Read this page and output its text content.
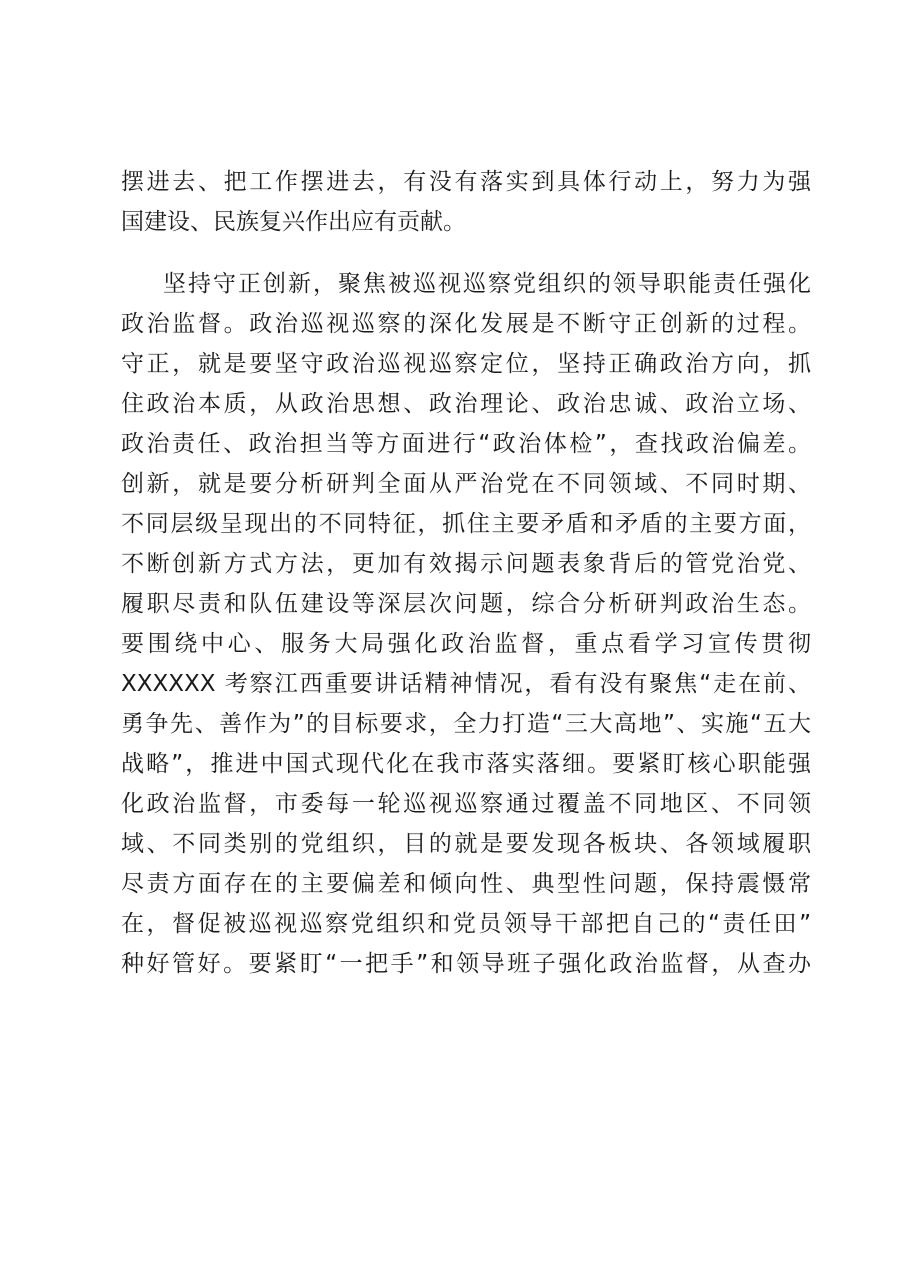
摆进去、把工作摆进去，有没有落实到具体行动上，努力为强
国建设、民族复兴作出应有贡献。
坚持守正创新，聚焦被巡视巡察党组织的领导职能责任强化
政治监督。政治巡视巡察的深化发展是不断守正创新的过程。
守正，就是要坚守政治巡视巡察定位，坚持正确政治方向，抓
住政治本质，从政治思想、政治理论、政治忠诚、政治立场、
政治责任、政治担当等方面进行“政治体检”，查找政治偏差。
创新，就是要分析研判全面从严治党在不同领域、不同时期、
不同层级呈现出的不同特征，抓住主要矛盾和矛盾的主要方面，
不断创新方式方法，更加有效揭示问题表象背后的管党治党、
履职尽责和队伍建设等深层次问题，综合分析研判政治生态。
要围绕中心、服务大局强化政治监督，重点看学习宣传贯彻
XXXXXX 考察江西重要讲话精神情况，看有没有聚焦“走在前、
勇争先、善作为”的目标要求，全力打造“三大高地”、实施“五大
战略”，推进中国式现代化在我市落实落细。要紧盯核心职能强
化政治监督，市委每一轮巡视巡察通过覆盖不同地区、不同领
域、不同类别的党组织，目的就是要发现各板块、各领域履职
尽责方面存在的主要偏差和倾向性、典型性问题，保持震慑常
在，督促被巡视巡察党组织和党员领导干部把自己的“责任田”
种好管好。要紧盯“一把手”和领导班子强化政治监督，从查办
